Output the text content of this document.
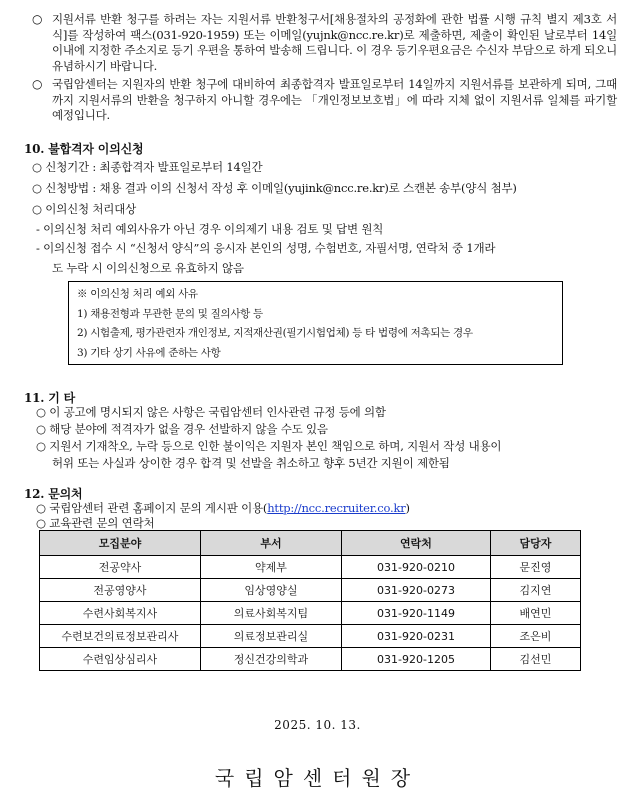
○ 지원서류 반환 청구를 하려는 자는 지원서류 반환청구서[채용절차의 공정화에 관한 법률 시행 규칙 별지 제3호 서식]를 작성하여 팩스(031-920-1959) 또는 이메일(yujnk@ncc.re.kr)로 제출하면, 제출이 확인된 날로부터 14일 이내에 지정한 주소지로 등기 우편을 통하여 발송해 드립니다. 이 경우 등기우편요금은 수신자 부담으로 하게 되오니 유념하시기 바랍니다.
○ 국립암센터는 지원자의 반환 청구에 대비하여 최종합격자 발표일로부터 14일까지 지원서류를 보관하게 되며, 그때까지 지원서류의 반환을 청구하지 아니할 경우에는 「개인정보보호법」에 따라 지체 없이 지원서류 일체를 파기할 예정입니다.
10. 불합격자 이의신청
○ 신청기간 : 최종합격자 발표일로부터 14일간
○ 신청방법 : 채용 결과 이의 신청서 작성 후 이메일(yujink@ncc.re.kr)로 스캔본 송부(양식 첨부)
○ 이의신청 처리대상
- 이의신청 처리 예외사유가 아닌 경우 이의제기 내용 검토 및 답변 원칙
- 이의신청 접수 시 “신청서 양식”의 응시자 본인의 성명, 수험번호, 자필서명, 연락처 중 1개라
도 누락 시 이의신청으로 유효하지 않음
※ 이의신청 처리 예외 사유
1) 채용전형과 무관한 문의 및 질의사항 등
2) 시험출제, 평가관련자 개인정보, 지적재산권(필기시험업체) 등 타 법령에 저촉되는 경우
3) 기타 상기 사유에 준하는 사항
11. 기 타
○ 이 공고에 명시되지 않은 사항은 국립암센터 인사관련 규정 등에 의함
○ 해당 분야에 적격자가 없을 경우 선발하지 않을 수도 있음
○ 지원서 기재착오, 누락 등으로 인한 불이익은 지원자 본인 책임으로 하며, 지원서 작성 내용이
허위 또는 사실과 상이한 경우 합격 및 선발을 취소하고 향후 5년간 지원이 제한됨
12. 문의처
○ 국립암센터 관련 홈페이지 문의 게시판 이용(http://ncc.recruiter.co.kr)
○ 교육관련 문의 연락처
모집분야	부서	연락처	담당자
전공약사	약제부	031-920-0210	문진영
전공영양사	임상영양실	031-920-0273	김지연
수련사회복지사	의료사회복지팀	031-920-1149	배연민
수련보건의료정보관리사	의료정보관리실	031-920-0231	조은비
수련임상심리사	정신건강의학과	031-920-1205	김선민
2025. 10. 13.
국립암센터원장
